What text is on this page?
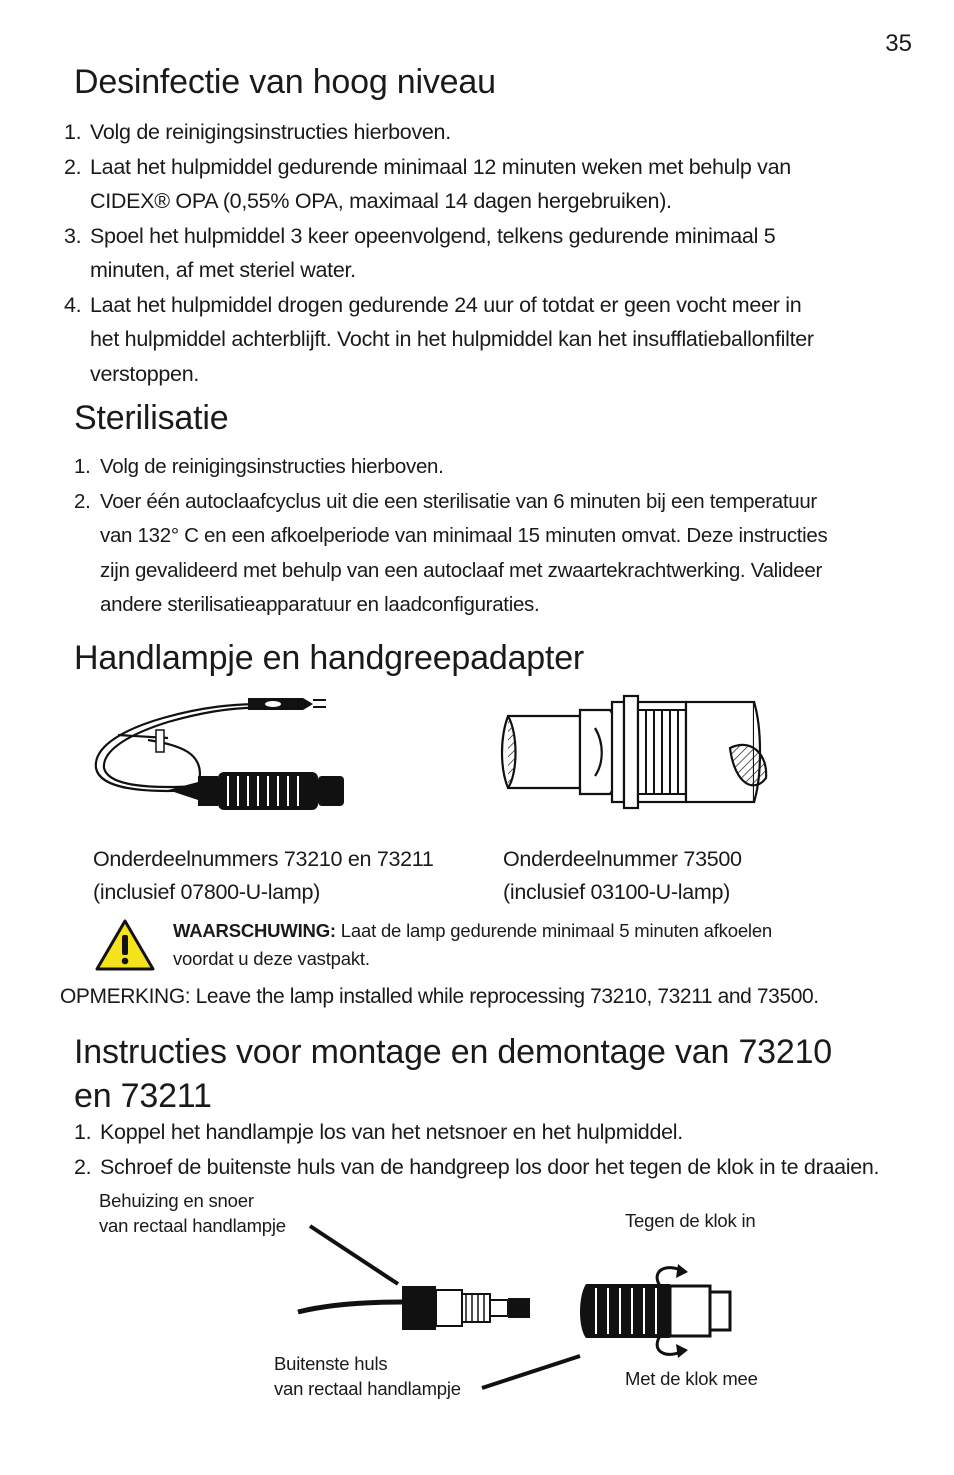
35
Desinfectie van hoog niveau
1. Volg de reinigingsinstructies hierboven.
2. Laat het hulpmiddel gedurende minimaal 12 minuten weken met behulp van
CIDEX® OPA (0,55% OPA, maximaal 14 dagen hergebruiken).
3. Spoel het hulpmiddel 3 keer opeenvolgend, telkens gedurende minimaal 5
minuten, af met steriel water.
4. Laat het hulpmiddel drogen gedurende 24 uur of totdat er geen vocht meer in
het hulpmiddel achterblijft. Vocht in het hulpmiddel kan het insufflatieballonfilter
verstoppen.
Sterilisatie
1. Volg de reinigingsinstructies hierboven.
2. Voer één autoclaafcyclus uit die een sterilisatie van 6 minuten bij een temperatuur
van 132° C en een afkoelperiode van minimaal 15 minuten omvat. Deze instructies
zijn gevalideerd met behulp van een autoclaaf met zwaartekrachtwerking. Valideer
andere sterilisatieapparatuur en laadconfiguraties.
Handlampje en handgreepadapter
Onderdeelnummers 73210 en 73211
(inclusief 07800-U-lamp)
Onderdeelnummer 73500
(inclusief 03100-U-lamp)
WAARSCHUWING: Laat de lamp gedurende minimaal 5 minuten afkoelen
voordat u deze vastpakt.
OPMERKING: Leave the lamp installed while reprocessing 73210, 73211 and 73500.
Instructies voor montage en demontage van 73210
en 73211
1. Koppel het handlampje los van het netsnoer en het hulpmiddel.
2. Schroef de buitenste huls van de handgreep los door het tegen de klok in te draaien.
Behuizing en snoer
van rectaal handlampje	Tegen de klok in
Buitenste huls
van rectaal handlampje	Met de klok mee
